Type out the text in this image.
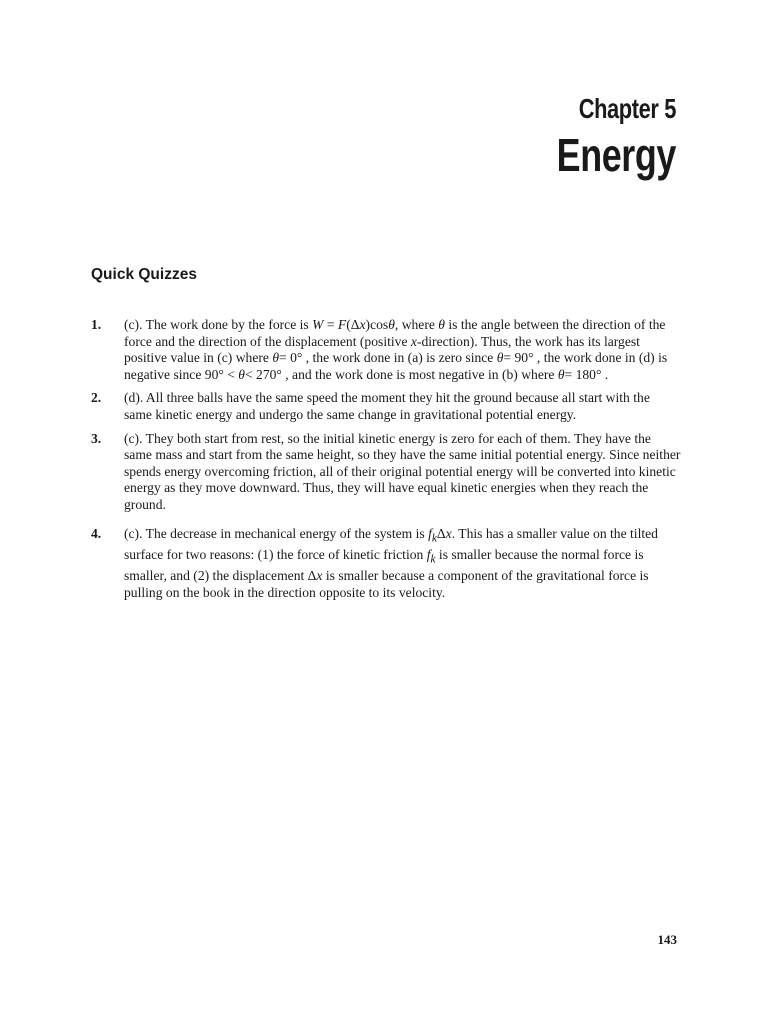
Chapter 5
Energy
Quick Quizzes
1.	(c). The work done by the force is W = F(Δx)cosθ, where θ is the angle between the direction of the force and the direction of the displacement (positive x-direction). Thus, the work has its largest positive value in (c) where θ= 0° , the work done in (a) is zero since θ= 90° , the work done in (d) is negative since 90° < θ< 270° , and the work done is most negative in (b) where θ= 180° .
2.	(d). All three balls have the same speed the moment they hit the ground because all start with the same kinetic energy and undergo the same change in gravitational potential energy.
3.	(c). They both start from rest, so the initial kinetic energy is zero for each of them. They have the same mass and start from the same height, so they have the same initial potential energy. Since neither spends energy overcoming friction, all of their original potential energy will be converted into kinetic energy as they move downward. Thus, they will have equal kinetic energies when they reach the ground.
4.	(c). The decrease in mechanical energy of the system is $f_k\Delta x$. This has a smaller value on the tilted surface for two reasons: (1) the force of kinetic friction $f_k$ is smaller because the normal force is smaller, and (2) the displacement Δx is smaller because a component of the gravitational force is pulling on the book in the direction opposite to its velocity.
143
